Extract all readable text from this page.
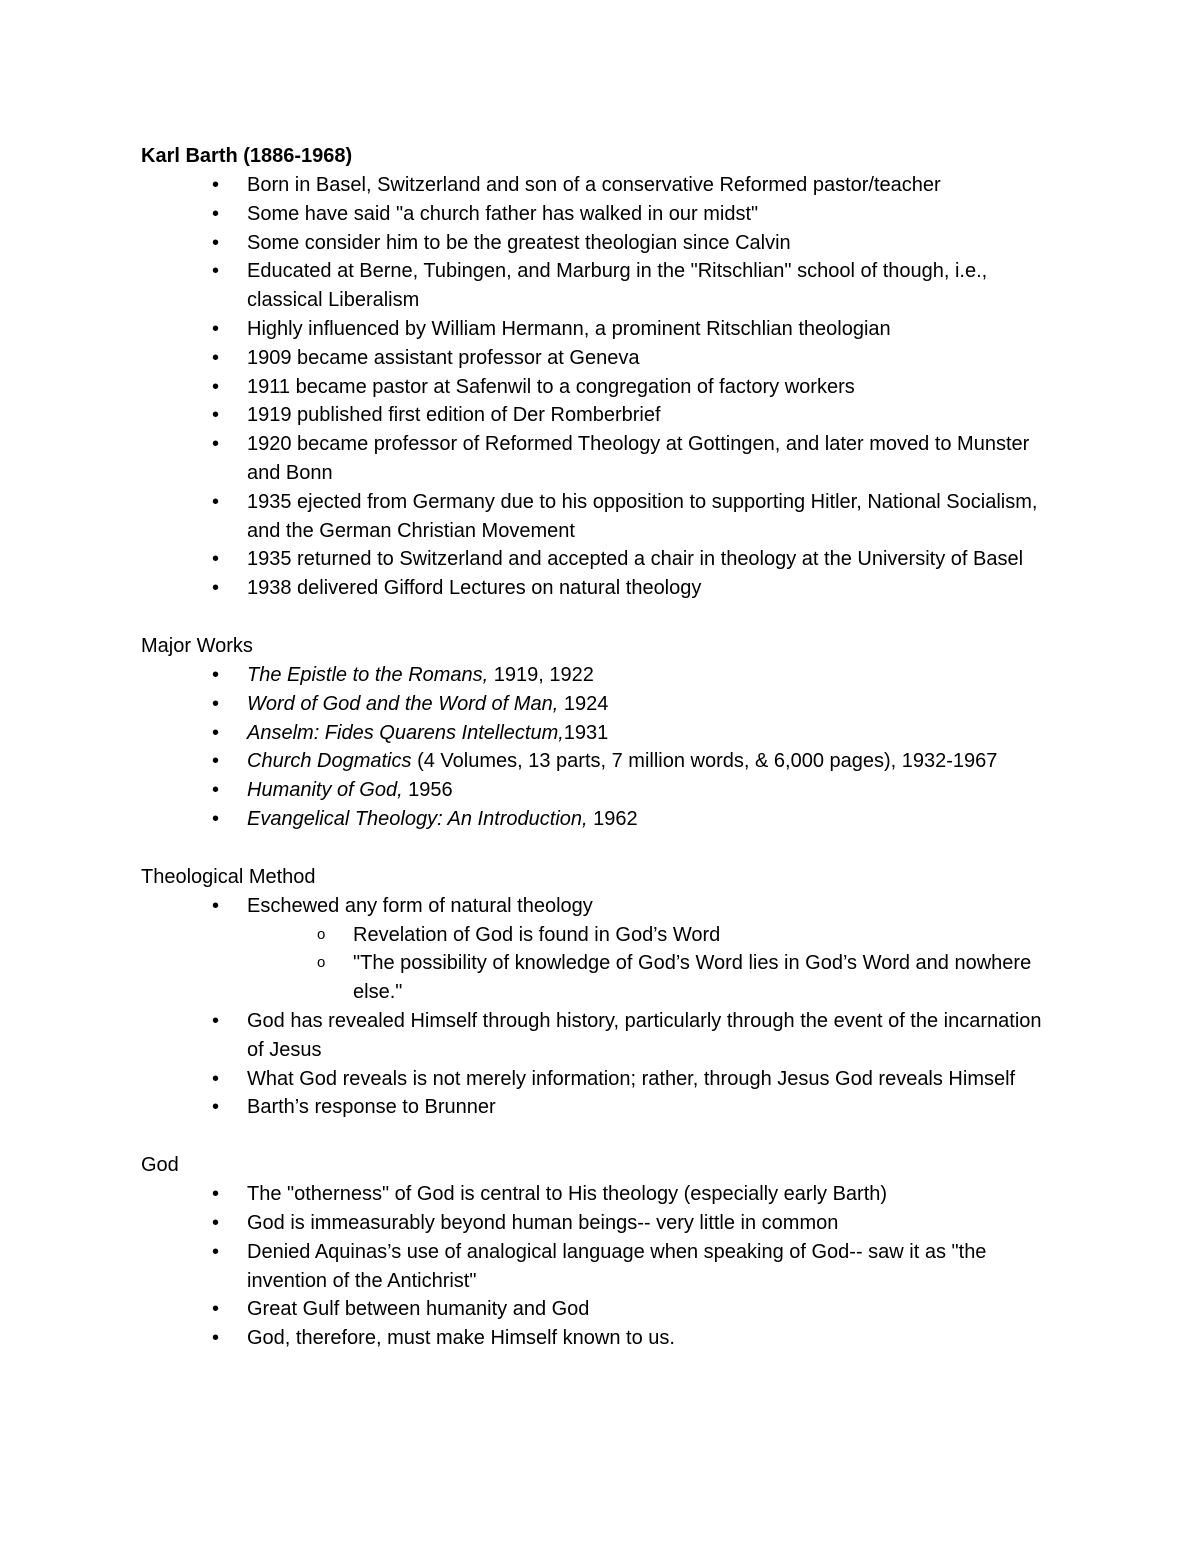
Karl Barth (1886-1968)

• Born in Basel, Switzerland and son of a conservative Reformed pastor/teacher
• Some have said "a church father has walked in our midst"
• Some consider him to be the greatest theologian since Calvin
• Educated at Berne, Tubingen, and Marburg in the "Ritschlian" school of though, i.e., classical Liberalism
• Highly influenced by William Hermann, a prominent Ritschlian theologian
• 1909 became assistant professor at Geneva
• 1911 became pastor at Safenwil to a congregation of factory workers
• 1919 published first edition of Der Romberbrief
• 1920 became professor of Reformed Theology at Gottingen, and later moved to Munster and Bonn
• 1935 ejected from Germany due to his opposition to supporting Hitler, National Socialism, and the German Christian Movement
• 1935 returned to Switzerland and accepted a chair in theology at the University of Basel
• 1938 delivered Gifford Lectures on natural theology

Major Works

• The Epistle to the Romans, 1919, 1922
• Word of God and the Word of Man, 1924
• Anselm: Fides Quarens Intellectum,1931
• Church Dogmatics (4 Volumes, 13 parts, 7 million words, & 6,000 pages), 1932-1967
• Humanity of God, 1956
• Evangelical Theology: An Introduction, 1962

Theological Method

• Eschewed any form of natural theology
o Revelation of God is found in God’s Word
o "The possibility of knowledge of God’s Word lies in God’s Word and nowhere else."
• God has revealed Himself through history, particularly through the event of the incarnation of Jesus
• What God reveals is not merely information; rather, through Jesus God reveals Himself
• Barth’s response to Brunner

God

• The "otherness" of God is central to His theology (especially early Barth)
• God is immeasurably beyond human beings-- very little in common
• Denied Aquinas’s use of analogical language when speaking of God-- saw it as "the invention of the Antichrist"
• Great Gulf between humanity and God
• God, therefore, must make Himself known to us.
